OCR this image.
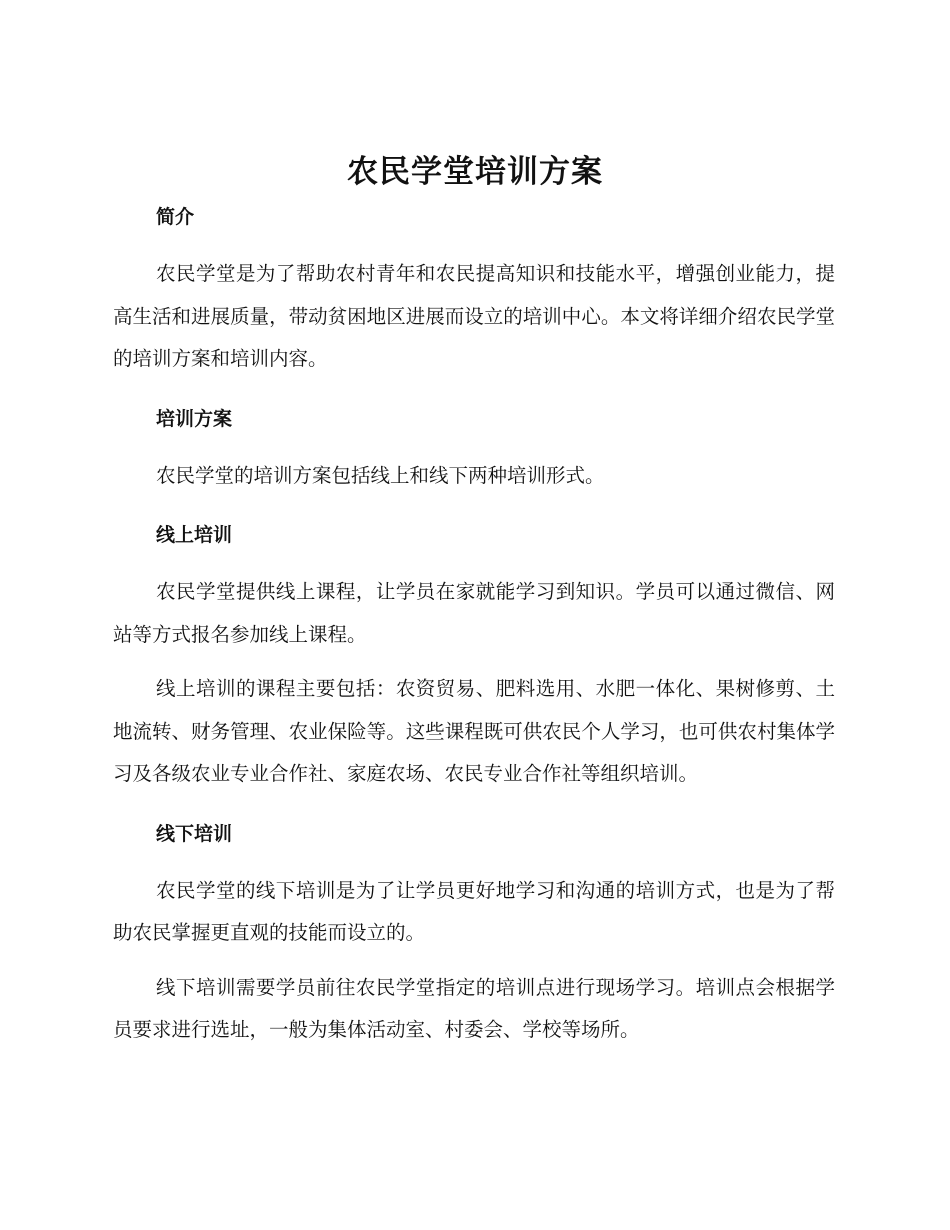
农民学堂培训方案
简介

农民学堂是为了帮助农村青年和农民提高知识和技能水平，增强创业能力，提高生活和进展质量，带动贫困地区进展而设立的培训中心。本文将详细介绍农民学堂的培训方案和培训内容。

培训方案

农民学堂的培训方案包括线上和线下两种培训形式。

线上培训

农民学堂提供线上课程，让学员在家就能学习到知识。学员可以通过微信、网站等方式报名参加线上课程。

线上培训的课程主要包括：农资贸易、肥料选用、水肥一体化、果树修剪、土地流转、财务管理、农业保险等。这些课程既可供农民个人学习，也可供农村集体学习及各级农业专业合作社、家庭农场、农民专业合作社等组织培训。

线下培训

农民学堂的线下培训是为了让学员更好地学习和沟通的培训方式，也是为了帮助农民掌握更直观的技能而设立的。

线下培训需要学员前往农民学堂指定的培训点进行现场学习。培训点会根据学员要求进行选址，一般为集体活动室、村委会、学校等场所。
